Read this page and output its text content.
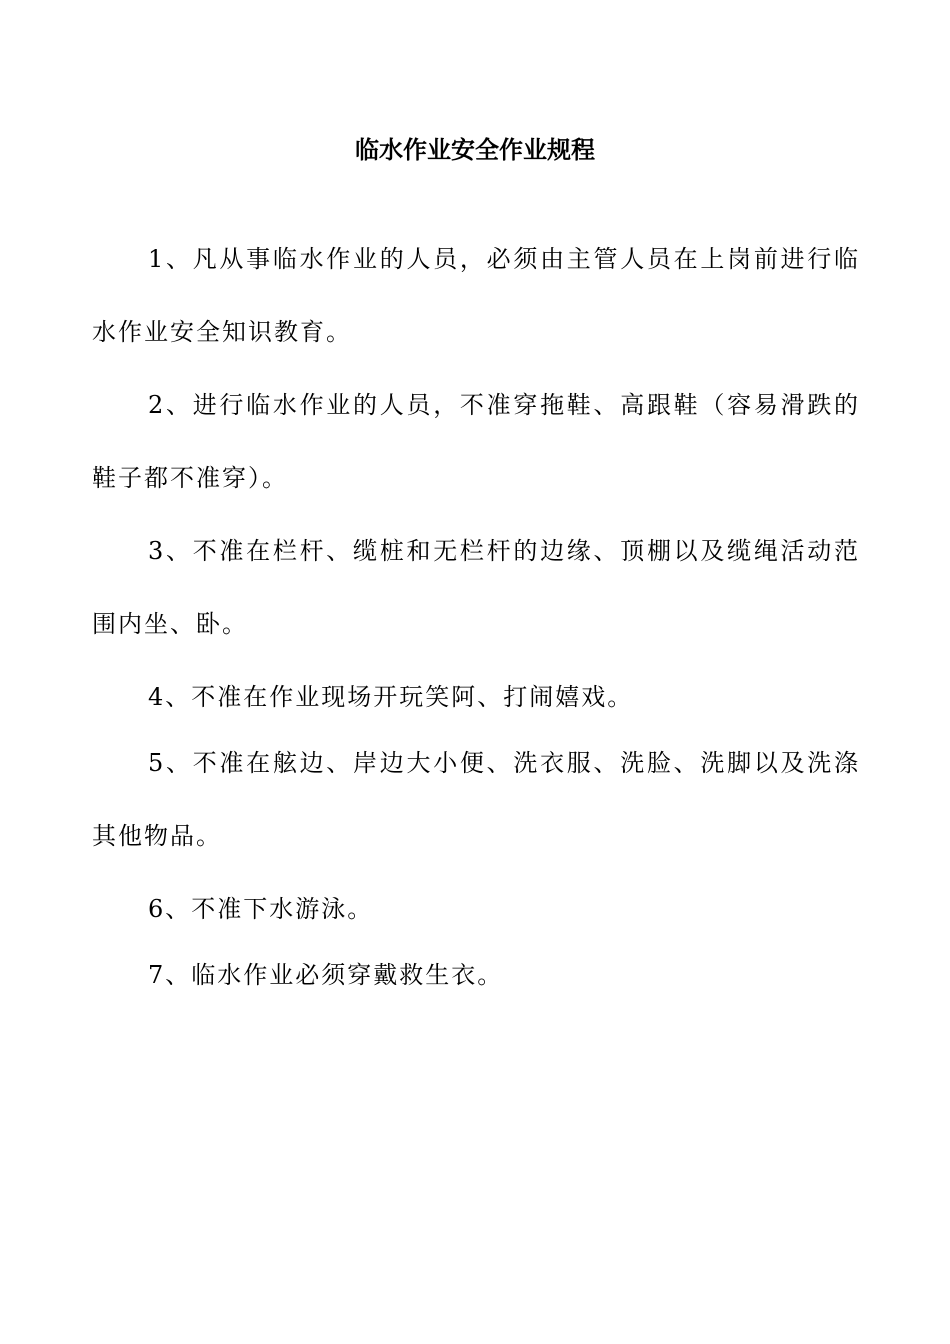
临水作业安全作业规程

1、凡从事临水作业的人员，必须由主管人员在上岗前进行临水作业安全知识教育。

2、进行临水作业的人员，不准穿拖鞋、高跟鞋（容易滑跌的鞋子都不准穿）。

3、不准在栏杆、缆桩和无栏杆的边缘、顶棚以及缆绳活动范围内坐、卧。

4、不准在作业现场开玩笑阿、打闹嬉戏。

5、不准在舷边、岸边大小便、洗衣服、洗脸、洗脚以及洗涤其他物品。

6、不准下水游泳。

7、临水作业必须穿戴救生衣。
